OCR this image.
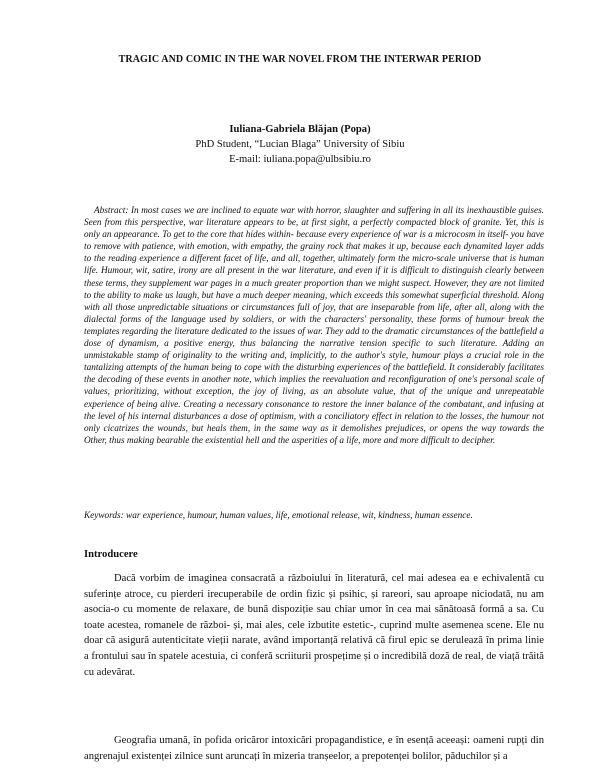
TRAGIC AND COMIC IN THE WAR NOVEL FROM THE INTERWAR PERIOD
Iuliana-Gabriela Blăjan (Popa)
PhD Student, “Lucian Blaga” University of Sibiu
E-mail: iuliana.popa@ulbsibiu.ro

Abstract: In most cases we are inclined to equate war with horror, slaughter and suffering in all its inexhaustible guises. Seen from this perspective, war literature appears to be, at first sight, a perfectly compacted block of granite. Yet, this is only an appearance. To get to the core that hides within- because every experience of war is a microcosm in itself- you have to remove with patience, with emotion, with empathy, the grainy rock that makes it up, because each dynamited layer adds to the reading experience a different facet of life, and all, together, ultimately form the micro-scale universe that is human life. Humour, wit, satire, irony are all present in the war literature, and even if it is difficult to distinguish clearly between these terms, they supplement war pages in a much greater proportion than we might suspect. However, they are not limited to the ability to make us laugh, but have a much deeper meaning, which exceeds this somewhat superficial threshold. Along with all those unpredictable situations or circumstances full of joy, that are inseparable from life, after all, along with the dialectal forms of the language used by soldiers, or with the characters' personality, these forms of humour break the templates regarding the literature dedicated to the issues of war. They add to the dramatic circumstances of the battlefield a dose of dynamism, a positive energy, thus balancing the narrative tension specific to such literature. Adding an unmistakable stamp of originality to the writing and, implicitly, to the author's style, humour plays a crucial role in the tantalizing attempts of the human being to cope with the disturbing experiences of the battlefield. It considerably facilitates the decoding of these events in another note, which implies the reevaluation and reconfiguration of one's personal scale of values, prioritizing, without exception, the joy of living, as an absolute value, that of the unique and unrepeatable experience of being alive. Creating a necessary consonance to restore the inner balance of the combatant, and infusing at the level of his internal disturbances a dose of optimism, with a conciliatory effect in relation to the losses, the humour not only cicatrizes the wounds, but heals them, in the same way as it demolishes prejudices, or opens the way towards the Other, thus making bearable the existential hell and the asperities of a life, more and more difficult to decipher.

Keywords: war experience, humour, human values, life, emotional release, wit, kindness, human essence.

Introducere

Dacă vorbim de imaginea consacrată a războiului în literatură, cel mai adesea ea e echivalentă cu suferințe atroce, cu pierderi irecuperabile de ordin fizic și psihic, și rareori, sau aproape niciodată, nu am asocia-o cu momente de relaxare, de bună dispoziție sau chiar umor în cea mai sănătoasă formă a sa. Cu toate acestea, romanele de război- și, mai ales, cele izbutite estetic-, cuprind multe asemenea scene. Ele nu doar că asigură autenticitate vieții narate, având importanță relativă că firul epic se derulează în prima linie a frontului sau în spatele acestuia, ci conferă scriiturii prospețime și o incredibilă doză de real, de viață trăită cu adevărat.

Geografia umană, în pofida oricăror intoxicări propagandistice, e în esență aceeași: oameni rupți din angrenajul existenței zilnice sunt aruncați în mizeria tranșeelor, a prepotenței bolilor, păduchilor și a
